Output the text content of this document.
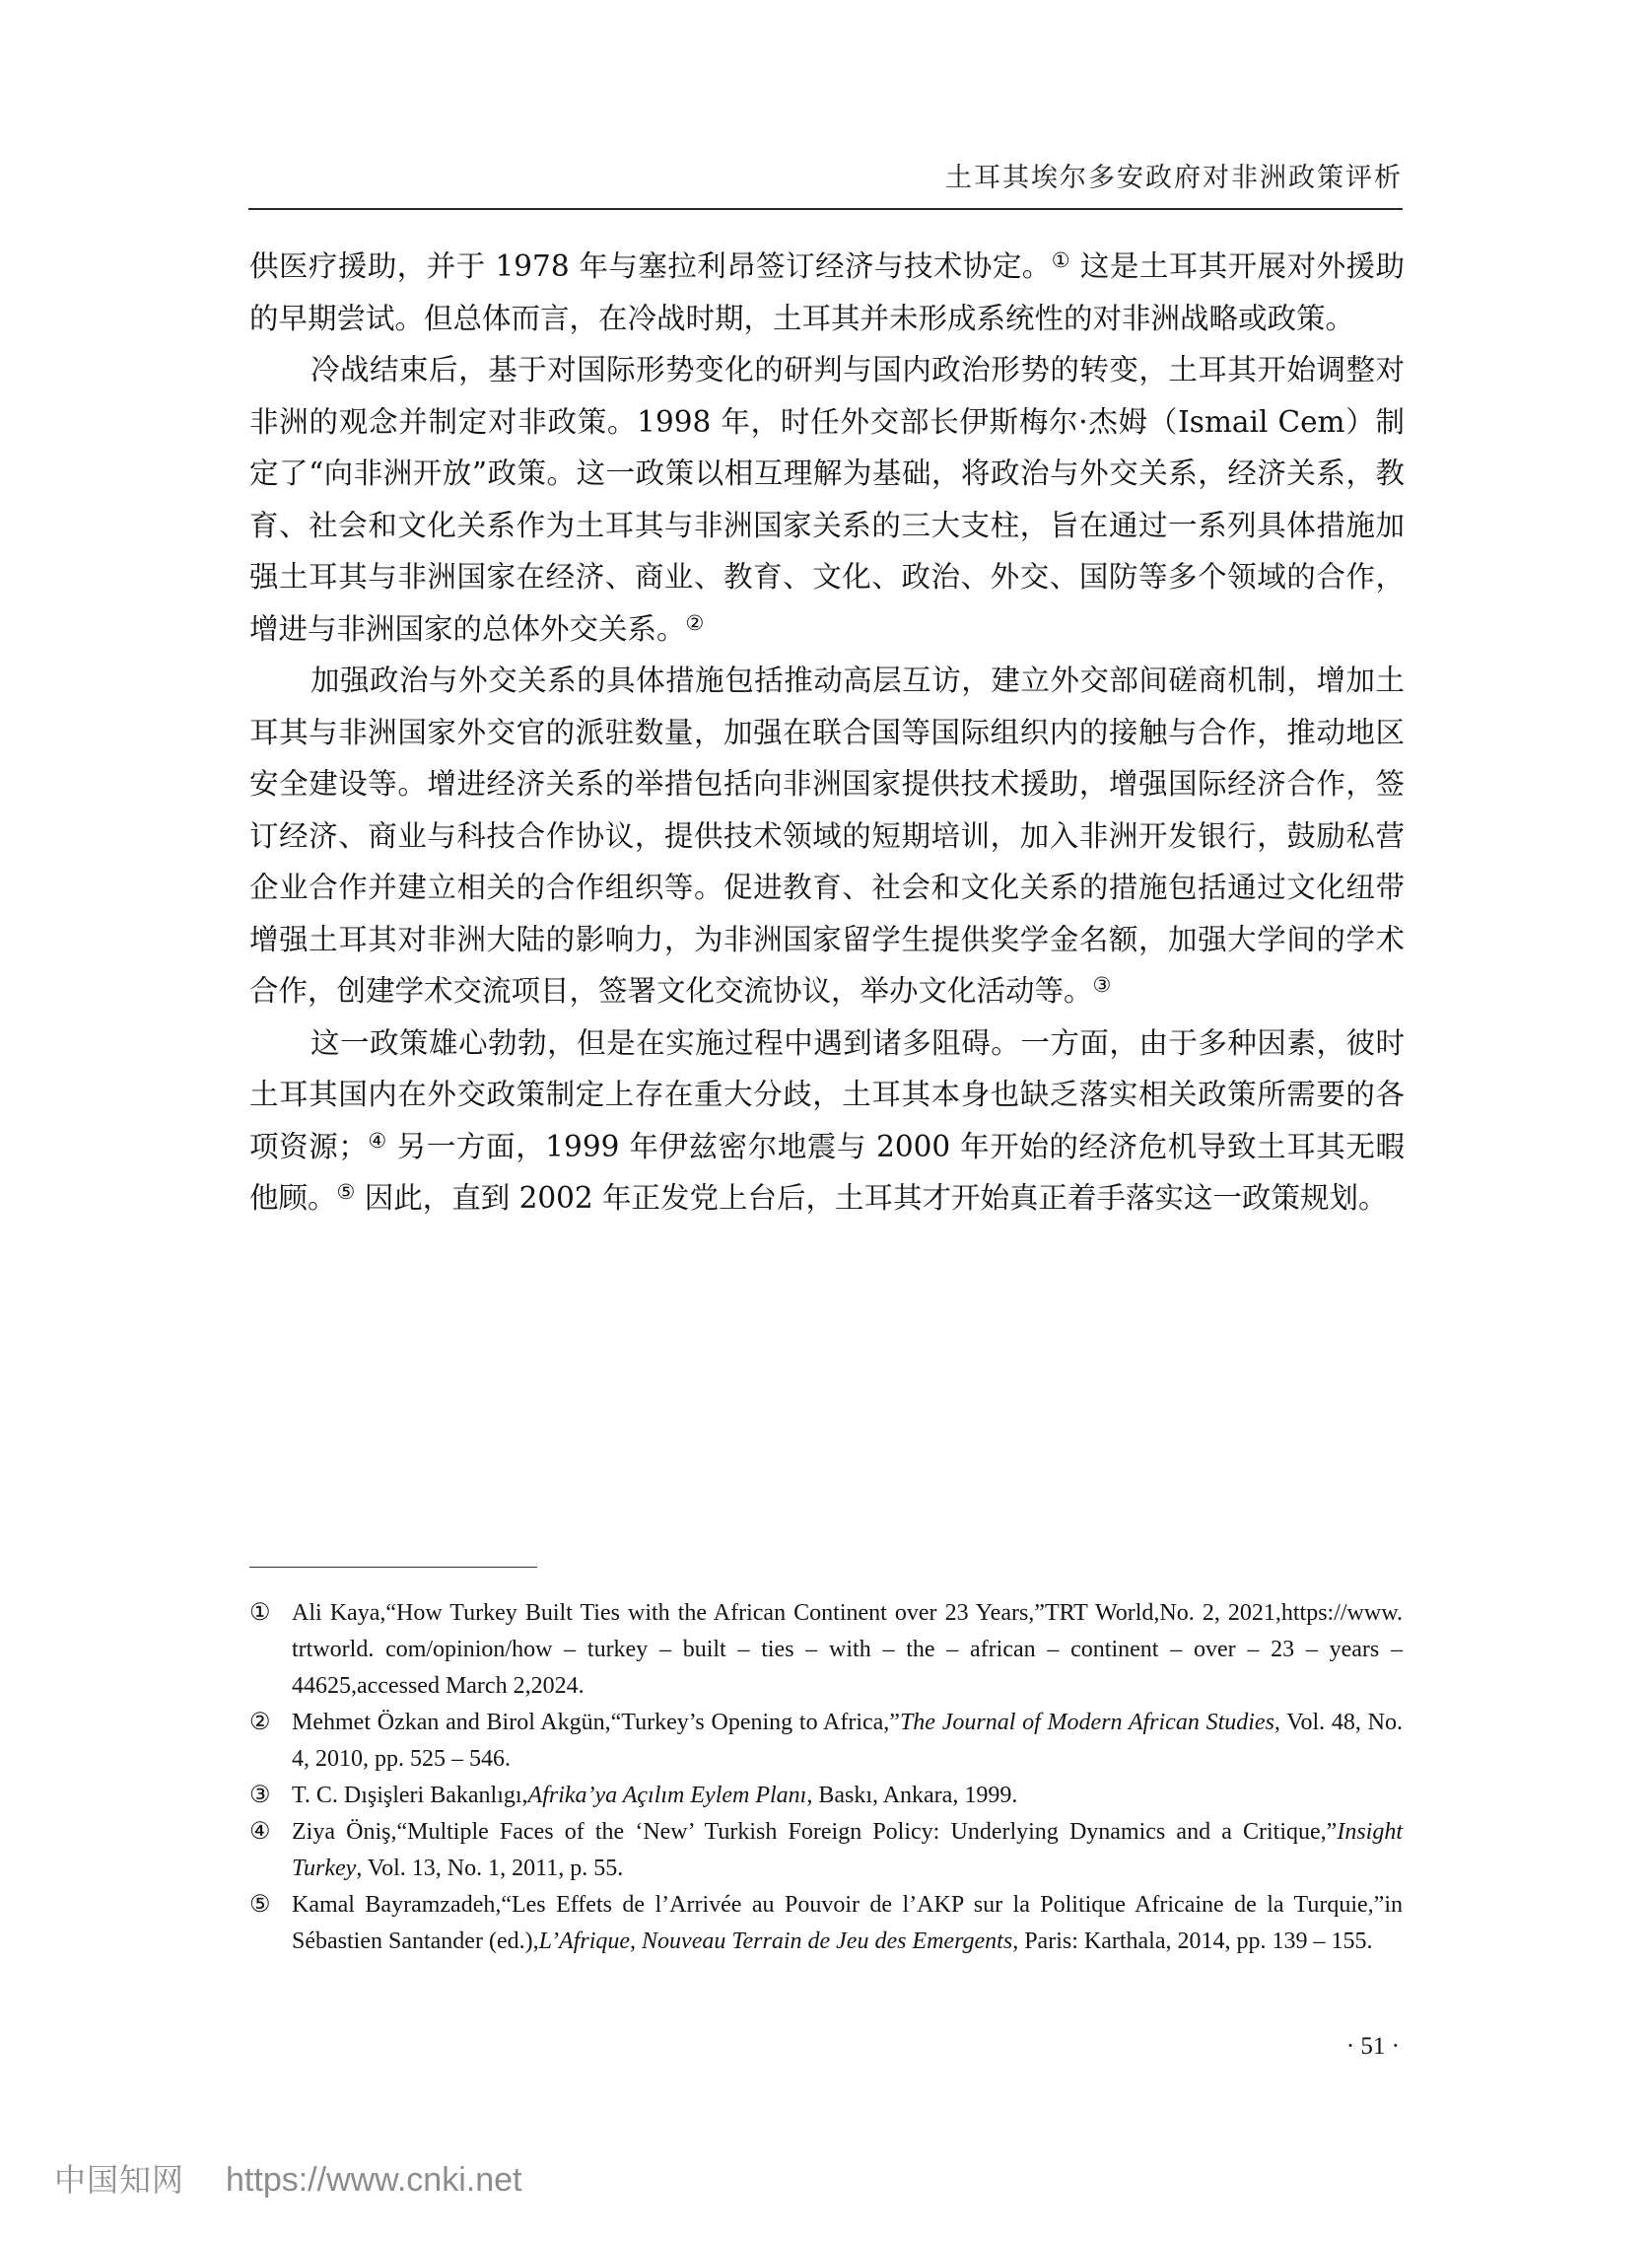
土耳其埃尔多安政府对非洲政策评析

供医疗援助，并于 1978 年与塞拉利昂签订经济与技术协定。① 这是土耳其开展对外援助的早期尝试。但总体而言，在冷战时期，土耳其并未形成系统性的对非洲战略或政策。

冷战结束后，基于对国际形势变化的研判与国内政治形势的转变，土耳其开始调整对非洲的观念并制定对非政策。1998 年，时任外交部长伊斯梅尔·杰姆（Ismail Cem）制定了“向非洲开放”政策。这一政策以相互理解为基础，将政治与外交关系，经济关系，教育、社会和文化关系作为土耳其与非洲国家关系的三大支柱，旨在通过一系列具体措施加强土耳其与非洲国家在经济、商业、教育、文化、政治、外交、国防等多个领域的合作，增进与非洲国家的总体外交关系。②

加强政治与外交关系的具体措施包括推动高层互访，建立外交部间磋商机制，增加土耳其与非洲国家外交官的派驻数量，加强在联合国等国际组织内的接触与合作，推动地区安全建设等。增进经济关系的举措包括向非洲国家提供技术援助，增强国际经济合作，签订经济、商业与科技合作协议，提供技术领域的短期培训，加入非洲开发银行，鼓励私营企业合作并建立相关的合作组织等。促进教育、社会和文化关系的措施包括通过文化纽带增强土耳其对非洲大陆的影响力，为非洲国家留学生提供奖学金名额，加强大学间的学术合作，创建学术交流项目，签署文化交流协议，举办文化活动等。③

这一政策雄心勃勃，但是在实施过程中遇到诸多阻碍。一方面，由于多种因素，彼时土耳其国内在外交政策制定上存在重大分歧，土耳其本身也缺乏落实相关政策所需要的各项资源；④ 另一方面，1999 年伊兹密尔地震与 2000 年开始的经济危机导致土耳其无暇他顾。⑤ 因此，直到 2002 年正发党上台后，土耳其才开始真正着手落实这一政策规划。

① Ali Kaya,“How Turkey Built Ties with the African Continent over 23 Years,”TRT World,No. 2, 2021,https://www. trtworld. com/opinion/how – turkey – built – ties – with – the – african – continent – over – 23 – years – 44625,accessed March 2,2024.

② Mehmet Özkan and Birol Akgün,“Turkey’s Opening to Africa,”The Journal of Modern African Studies, Vol. 48, No. 4, 2010, pp. 525 – 546.

③ T. C. Dışişleri Bakanlıgı,Afrika’ya Açılım Eylem Planı, Baskı, Ankara, 1999.

④ Ziya Öniş,“Multiple Faces of the ‘New’ Turkish Foreign Policy: Underlying Dynamics and a Critique,”Insight Turkey, Vol. 13, No. 1, 2011, p. 55.

⑤ Kamal Bayramzadeh,“Les Effets de l’Arrivée au Pouvoir de l’AKP sur la Politique Africaine de la Turquie,”in Sébastien Santander (ed.),L’Afrique, Nouveau Terrain de Jeu des Emergents, Paris: Karthala, 2014, pp. 139 – 155.

· 51 ·
中国知网 https://www.cnki.net
